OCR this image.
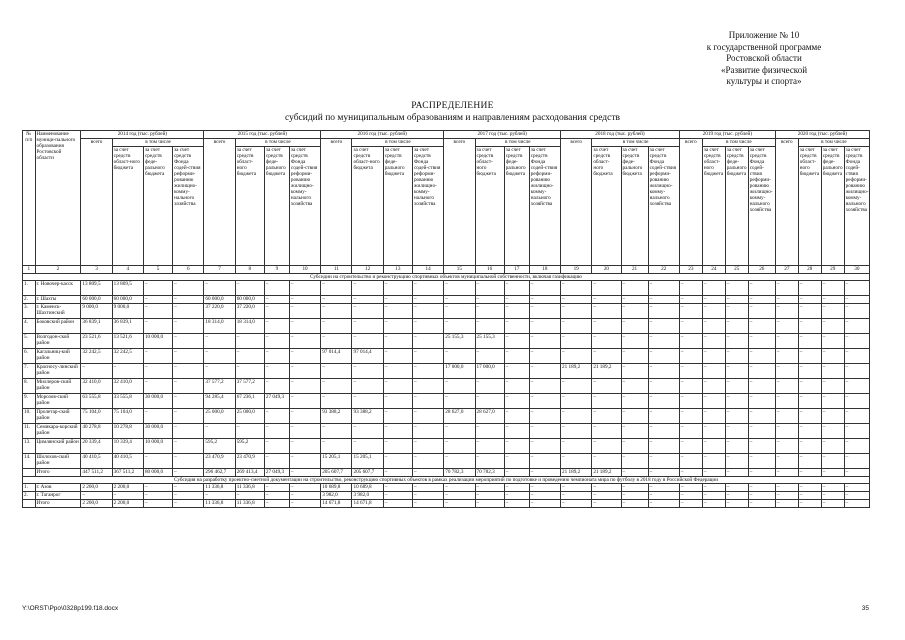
Приложение № 10
к государственной программе
Ростовской области
«Развитие физической
культуры и спорта»
РАСПРЕДЕЛЕНИЕ
субсидий по муниципальным образованиям и направлениям расходования средств
№ п/п	Наименование муници-пального образования Ростовской области	2014 год (тыс. рублей)				2015 год (тыс. рублей)				2016 год (тыс. рублей)				2017 год (тыс. рублей)				2018 год (тыс. рублей)				2019 год (тыс. рублей)				2020 год (тыс. рублей)			
		всего	в том числе			всего	в том числе			всего	в том числе			всего	в том числе			всего	в том числе			всего	в том числе			всего	в том числе		
			за счет средств област-ного бюджета	за счет средств феде-рального бюджета	за счет средств Фонда содей-ствия реформи-рованию жилищно-комму-нального хозяйства		за счет средств област-ного бюджета	за счет средств феде-рального бюджета	за счет средств Фонда содей-ствия реформи-рованию жилищно-комму-нального хозяйства		за счет средств област-ного бюджета	за счет средств феде-рального бюджета	за счет средств Фонда содей-ствия реформи-рованию жилищно-комму-нального хозяйства		за счет средств област-ного бюджета	за счет средств феде-рального бюджета	за счет средств Фонда содей-ствия реформи-рованию жилищно-комму-нального хозяйства		за счет средств област-ного бюджета	за счет средств феде-рального бюджета	за счет средств Фонда содей-ствия реформи-рованию жилищно-комму-нального хозяйства		за счет средств област-ного бюджета	за счет средств феде-рального бюджета	за счет средств Фонда содей-ствия реформи-рованию жилищно-комму-нального хозяйства		за счет средств област-ного бюджета	за счет средств феде-рального бюджета	за счет средств Фонда содей-ствия реформи-рованию жилищно-комму-нального хозяйства
1	2	3	4	5	6	7	8	9	10	11	12	13	14	15	16	17	18	19	20	21	22	23	24	25	26	27	28	29	30
Субсидии на строительство и реконструкцию спортивных объектов муниципальной собственности, включая газификацию																													
1.	г. Новочер-касск	13 809,5	13 809,5	–	–	–	–	–	–	–	–	–	–	–	–	–	–	–	–	–	–	–	–	–	–	–	–	–	–
2.	г. Шахты	60 000,0	60 000,0	–	–	60 000,0	60 000,0	–	–	–	–	–	–	–	–	–	–	–	–	–	–	–	–	–	–	–	–	–	–
3.	г. Каменск-Шахтинский	9 000,0	9 000,0	–	–	37 220,0	37 220,0	–	–	–	–	–	–	–	–	–	–	–	–	–	–	–	–	–	–	–	–	–	–
4.	Боковский район	36 839,1	36 839,1	–	–	18 314,0	18 314,0	–	–	–	–	–	–	–	–	–	–	–	–	–	–	–	–	–	–	–	–	–	–
5.	Волгодон-ской район	23 521,6	13 521,6	10 000,0	–	–	–	–	–	–	–	–	–	25 155,3	25 155,3	–	–	–	–	–	–	–	–	–	–	–	–	–	–
6.	Кагальниц-кий район	32 242,5	32 242,5	–	–	–	–	–	–	97 014,4	97 014,4	–	–	–	–	–	–	–	–	–	–	–	–	–	–	–	–	–	–
7.	Красносу-линский район	–	–	–	–	–	–	–	–	–	–	–	–	17 000,0	17 000,0	–	–	21 189,2	21 189,2	–	–	–	–	–	–	–	–	–	–
8.	Миллеров-ский район	32 410,0	32 410,0	–	–	37 577,2	37 577,2	–	–	–	–	–	–	–	–	–	–	–	–	–	–	–	–	–	–	–	–	–	–
9.	Морозов-ский район	63 555,8	33 555,8	30 000,0	–	94 285,4	67 236,1	27 049,3	–	–	–	–	–	–	–	–	–	–	–	–	–	–	–	–	–	–	–	–	–
10.	Пролетар-ский район	75 104,0	75 104,0	–	–	25 000,0	25 000,0	–	–	93 388,2	93 388,2	–	–	28 627,0	28 627,0	–	–	–	–	–	–	–	–	–	–	–	–	–	–
11.	Семикара-корский район	40 278,8	10 278,8	30 000,0	–	–	–	–	–	–	–	–	–	–	–	–	–	–	–	–	–	–	–	–	–	–	–	–	–
13.	Цимлянский район	20 339,4	10 339,4	10 000,0	–	595,2	595,2	–	–	–	–	–	–	–	–	–	–	–	–	–	–	–	–	–	–	–	–	–	–
14.	Шолохов-ский район	40 410,5	40 410,5	–	–	23 470,9	23 470,9	–	–	15 205,1	15 205,1	–	–	–	–	–	–	–	–	–	–	–	–	–	–	–	–	–	–
	Итого	447 511,2	367 511,2	80 000,0	–	296 462,7	269 413,4	27 049,3	–	205 607,7	205 607,7	–	–	70 782,3	70 782,3	–	–	21 189,2	21 189,2	–	–	–	–	–	–	–	–	–	–
Субсидия на разработку проектно-сметной документации на строительство, реконструкцию спортивных объектов в рамках реализации мероприятий по подготовке и проведению чемпионата мира по футболу в 2018 году в Российской Федерации																													
1.	г. Азов	2 200,0	2 200,0	–	–	11 336,8	11 336,8	–	–	10 689,8	10 689,8	–	–	–	–	–	–	–	–	–	–	–	–	–	–	–	–	–	–
2.	г. Таганрог	–	–	–	–	–	–	–	–	3 982,0	3 982,0	–	–	–	–	–	–	–	–	–	–	–	–	–	–	–	–	–	–
	Итого	2 200,0	2 200,0	–	–	11 336,8	11 336,8	–	–	14 671,8	14 671,8	–	–	–	–	–	–	–	–	–	–	–	–	–	–	–	–	–	–
Y:\ORST\Ppo\0328p199.f18.docx	35
